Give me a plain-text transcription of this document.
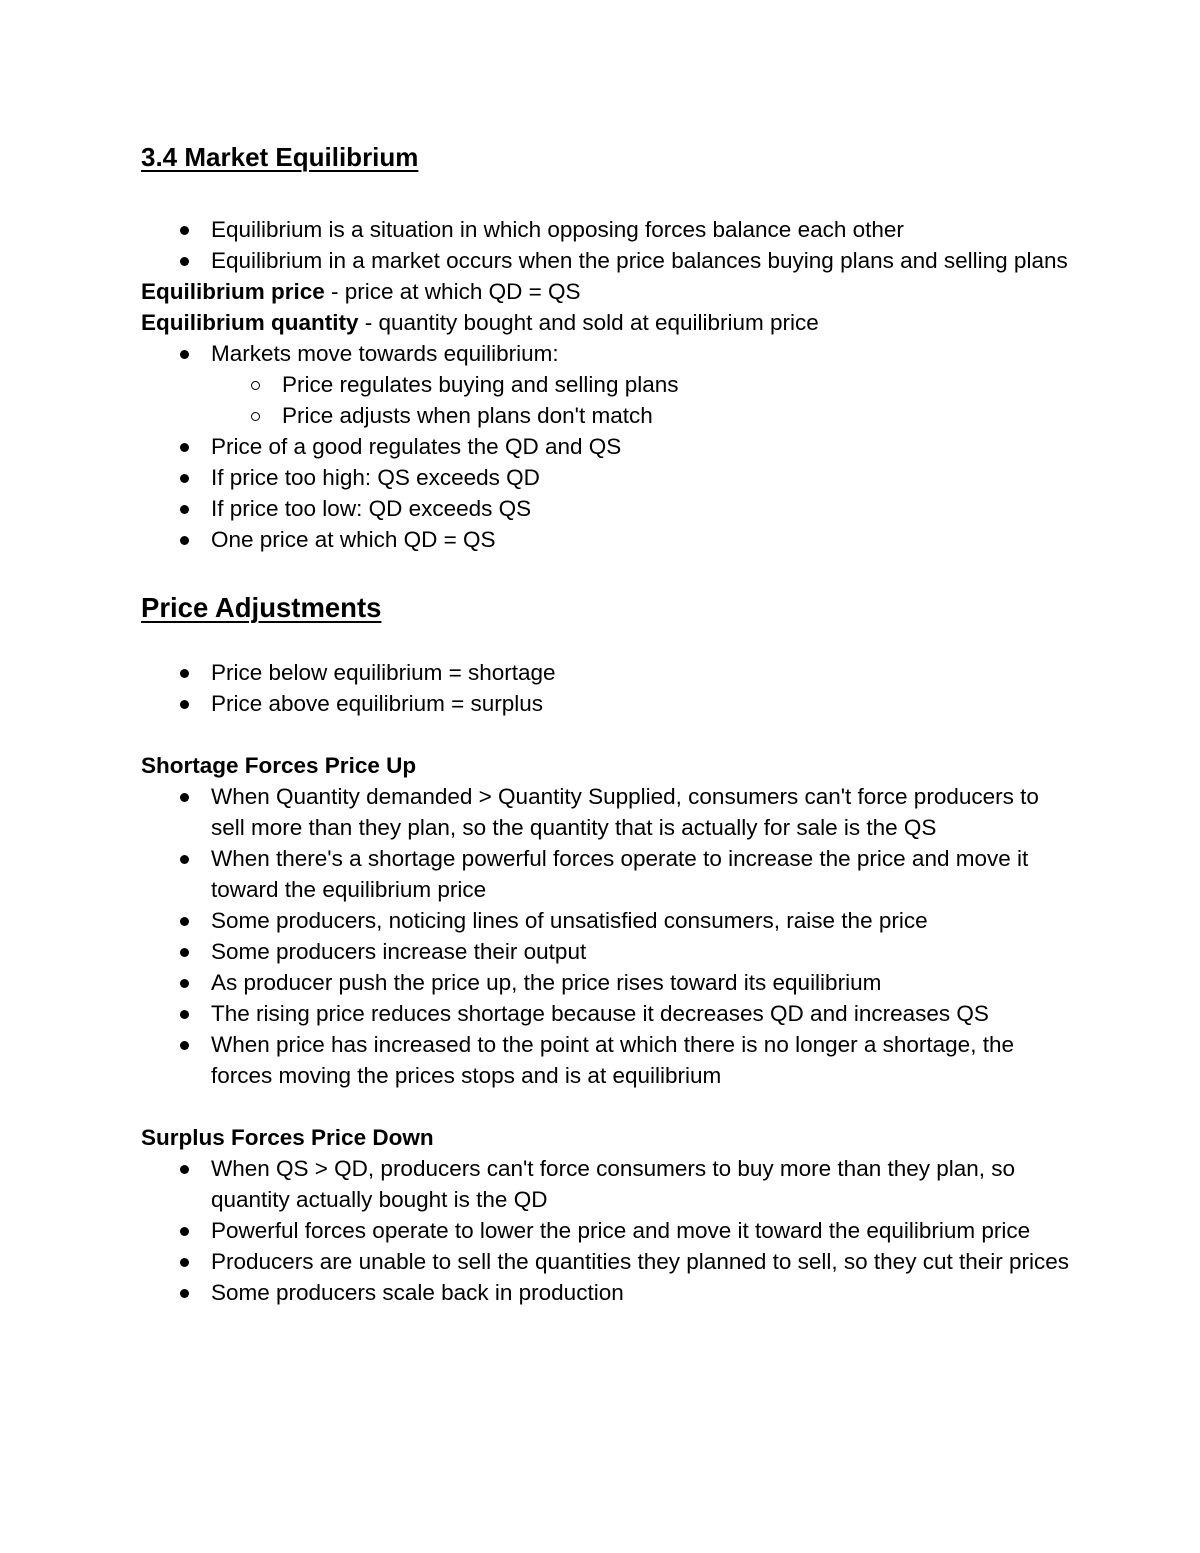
3.4 Market Equilibrium
Equilibrium is a situation in which opposing forces balance each other
Equilibrium in a market occurs when the price balances buying plans and selling plans

Equilibrium price - price at which QD = QS

Equilibrium quantity - quantity bought and sold at equilibrium price

Markets move towards equilibrium:
Price regulates buying and selling plans
Price adjusts when plans don't match
Price of a good regulates the QD and QS
If price too high: QS exceeds QD
If price too low: QD exceeds QS
One price at which QD = QS
Price Adjustments
Price below equilibrium = shortage
Price above equilibrium = surplus
Shortage Forces Price Up
When Quantity demanded > Quantity Supplied, consumers can't force producers to sell more than they plan, so the quantity that is actually for sale is the QS
When there's a shortage powerful forces operate to increase the price and move it toward the equilibrium price
Some producers, noticing lines of unsatisfied consumers, raise the price
Some producers increase their output
As producer push the price up, the price rises toward its equilibrium
The rising price reduces shortage because it decreases QD and increases QS
When price has increased to the point at which there is no longer a shortage, the forces moving the prices stops and is at equilibrium
Surplus Forces Price Down
When QS > QD, producers can't force consumers to buy more than they plan, so quantity actually bought is the QD
Powerful forces operate to lower the price and move it toward the equilibrium price
Producers are unable to sell the quantities they planned to sell, so they cut their prices
Some producers scale back in production
